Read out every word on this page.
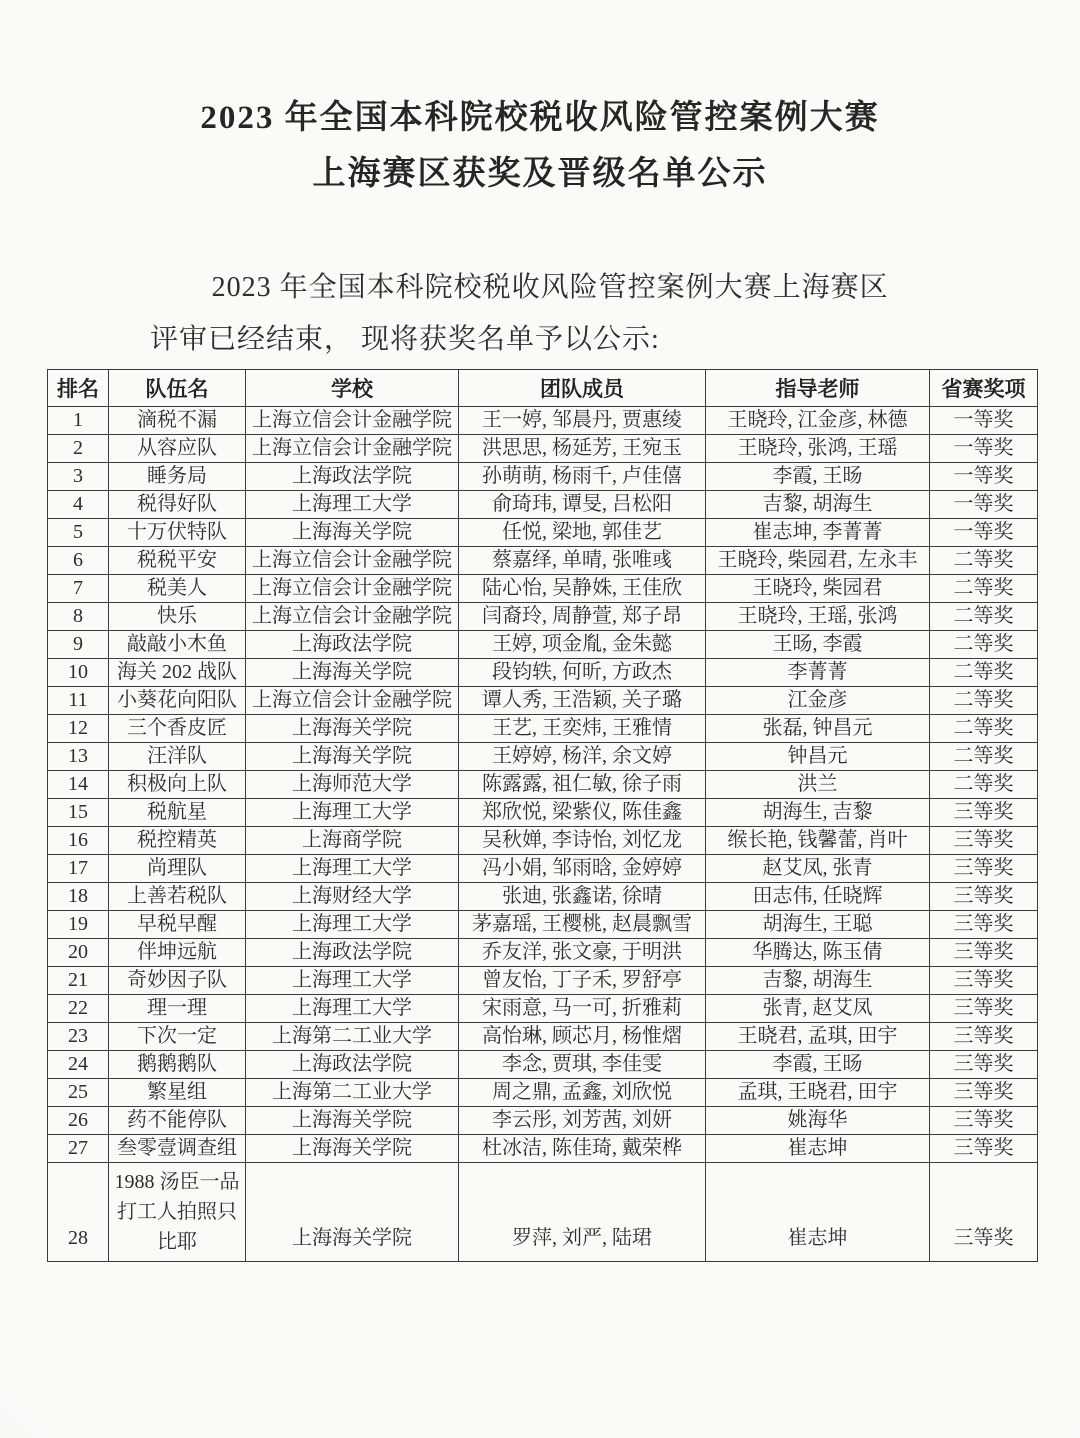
2023 年全国本科院校税收风险管控案例大赛
上海赛区获奖及晋级名单公示
2023 年全国本科院校税收风险管控案例大赛上海赛区
评审已经结束， 现将获奖名单予以公示:
排名	队伍名	学校	团队成员	指导老师	省赛奖项
1	滴税不漏	上海立信会计金融学院	王一婷, 邹晨丹, 贾惠绫	王晓玲, 江金彦, 林德	一等奖
2	从容应队	上海立信会计金融学院	洪思思, 杨延芳, 王宛玉	王晓玲, 张鸿, 王瑶	一等奖
3	睡务局	上海政法学院	孙萌萌, 杨雨千, 卢佳僖	李霞, 王旸	一等奖
4	税得好队	上海理工大学	俞琦玮, 谭旻, 吕松阳	吉黎, 胡海生	一等奖
5	十万伏特队	上海海关学院	任悦, 梁地, 郭佳艺	崔志坤, 李菁菁	一等奖
6	税税平安	上海立信会计金融学院	蔡嘉绎, 单晴, 张唯彧	王晓玲, 柴园君, 左永丰	二等奖
7	税美人	上海立信会计金融学院	陆心怡, 吴静姝, 王佳欣	王晓玲, 柴园君	二等奖
8	快乐	上海立信会计金融学院	闫裔玲, 周静萱, 郑子昂	王晓玲, 王瑶, 张鸿	二等奖
9	敲敲小木鱼	上海政法学院	王婷, 项金胤, 金朱懿	王旸, 李霞	二等奖
10	海关 202 战队	上海海关学院	段钧轶, 何昕, 方政杰	李菁菁	二等奖
11	小葵花向阳队	上海立信会计金融学院	谭人秀, 王浩颖, 关子璐	江金彦	二等奖
12	三个香皮匠	上海海关学院	王艺, 王奕炜, 王雅情	张磊, 钟昌元	二等奖
13	汪洋队	上海海关学院	王婷婷, 杨洋, 余文婷	钟昌元	二等奖
14	积极向上队	上海师范大学	陈露露, 祖仁敏, 徐子雨	洪兰	二等奖
15	税航星	上海理工大学	郑欣悦, 梁紫仪, 陈佳鑫	胡海生, 吉黎	三等奖
16	税控精英	上海商学院	吴秋婵, 李诗怡, 刘忆龙	缑长艳, 钱馨蕾, 肖叶	三等奖
17	尚理队	上海理工大学	冯小娟, 邹雨晗, 金婷婷	赵艾凤, 张青	三等奖
18	上善若税队	上海财经大学	张迪, 张鑫诺, 徐晴	田志伟, 任晓辉	三等奖
19	早税早醒	上海理工大学	茅嘉瑶, 王樱桃, 赵晨飘雪	胡海生, 王聪	三等奖
20	伴坤远航	上海政法学院	乔友洋, 张文豪, 于明洪	华腾达, 陈玉倩	三等奖
21	奇妙因子队	上海理工大学	曾友怡, 丁子禾, 罗舒亭	吉黎, 胡海生	三等奖
22	理一理	上海理工大学	宋雨意, 马一可, 折雅莉	张青, 赵艾凤	三等奖
23	下次一定	上海第二工业大学	高怡琳, 顾芯月, 杨惟熠	王晓君, 孟琪, 田宇	三等奖
24	鹅鹅鹅队	上海政法学院	李念, 贾琪, 李佳雯	李霞, 王旸	三等奖
25	繁星组	上海第二工业大学	周之鼎, 孟鑫, 刘欣悦	孟琪, 王晓君, 田宇	三等奖
26	药不能停队	上海海关学院	李云彤, 刘芳茜, 刘妍	姚海华	三等奖
27	叁零壹调查组	上海海关学院	杜冰洁, 陈佳琦, 戴荣桦	崔志坤	三等奖
28	1988 汤臣一品打工人拍照只比耶	上海海关学院	罗萍, 刘严, 陆珺	崔志坤	三等奖
